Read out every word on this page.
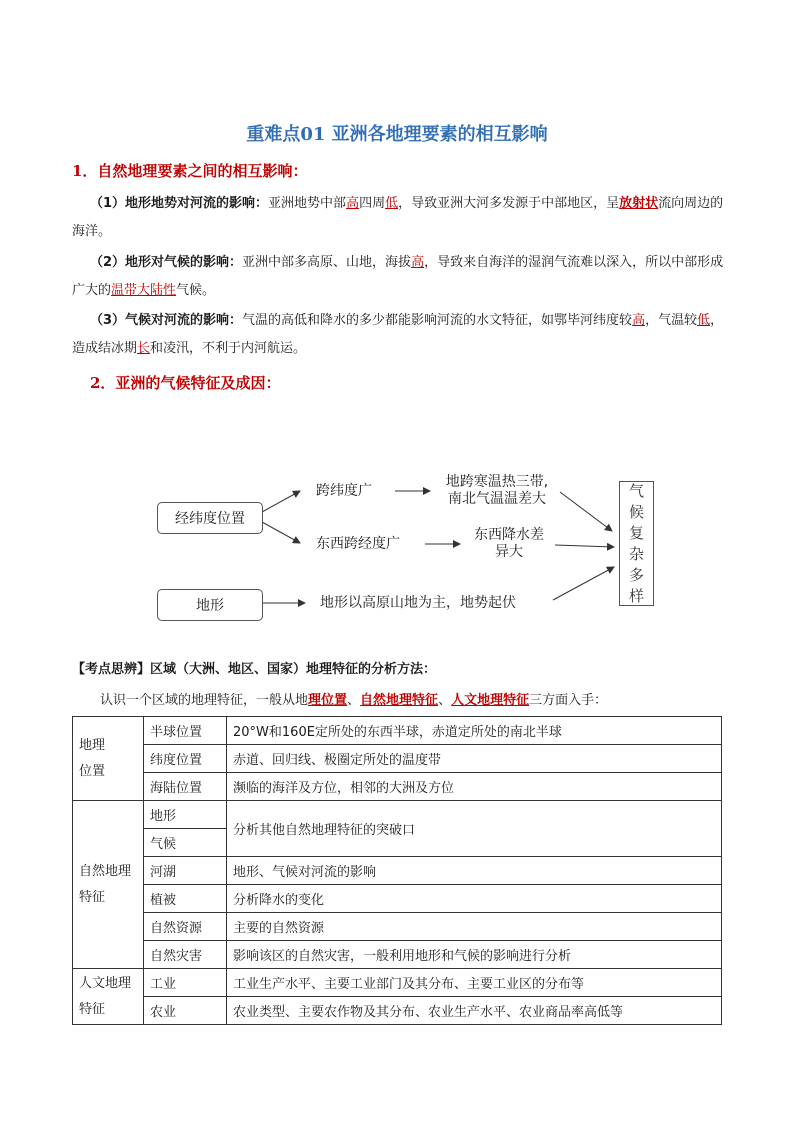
重难点01 亚洲各地理要素的相互影响
1．自然地理要素之间的相互影响：
（1）地形地势对河流的影响：亚洲地势中部高四周低，导致亚洲大河多发源于中部地区，呈放射状流向周边的海洋。
（2）地形对气候的影响：亚洲中部多高原、山地，海拔高，导致来自海洋的湿润气流难以深入，所以中部形成广大的温带大陆性气候。
（3）气候对河流的影响：气温的高低和降水的多少都能影响河流的水文特征，如鄂毕河纬度较高，气温较低，造成结冰期长和凌汛，不利于内河航运。
2．亚洲的气候特征及成因：
经纬度位置
地形
跨纬度广
东西跨经度广
地跨寒温热三带,
南北气温温差大
东西降水差
异大
地形以高原山地为主，地势起伏
气
候
复
杂
多
样
【考点思辨】区域（大洲、地区、国家）地理特征的分析方法：
认识一个区域的地理特征，一般从地理位置、自然地理特征、人文地理特征三方面入手：
地理
位置	半球位置	20°W和160E定所处的东西半球，赤道定所处的南北半球
	纬度位置	赤道、回归线、极圈定所处的温度带
	海陆位置	濒临的海洋及方位，相邻的大洲及方位
自然地理
特征	地形	分析其他自然地理特征的突破口
	气候	
	河湖	地形、气候对河流的影响
	植被	分析降水的变化
	自然资源	主要的自然资源
	自然灾害	影响该区的自然灾害，一般利用地形和气候的影响进行分析
人文地理
特征	工业	工业生产水平、主要工业部门及其分布、主要工业区的分布等
	农业	农业类型、主要农作物及其分布、农业生产水平、农业商品率高低等
